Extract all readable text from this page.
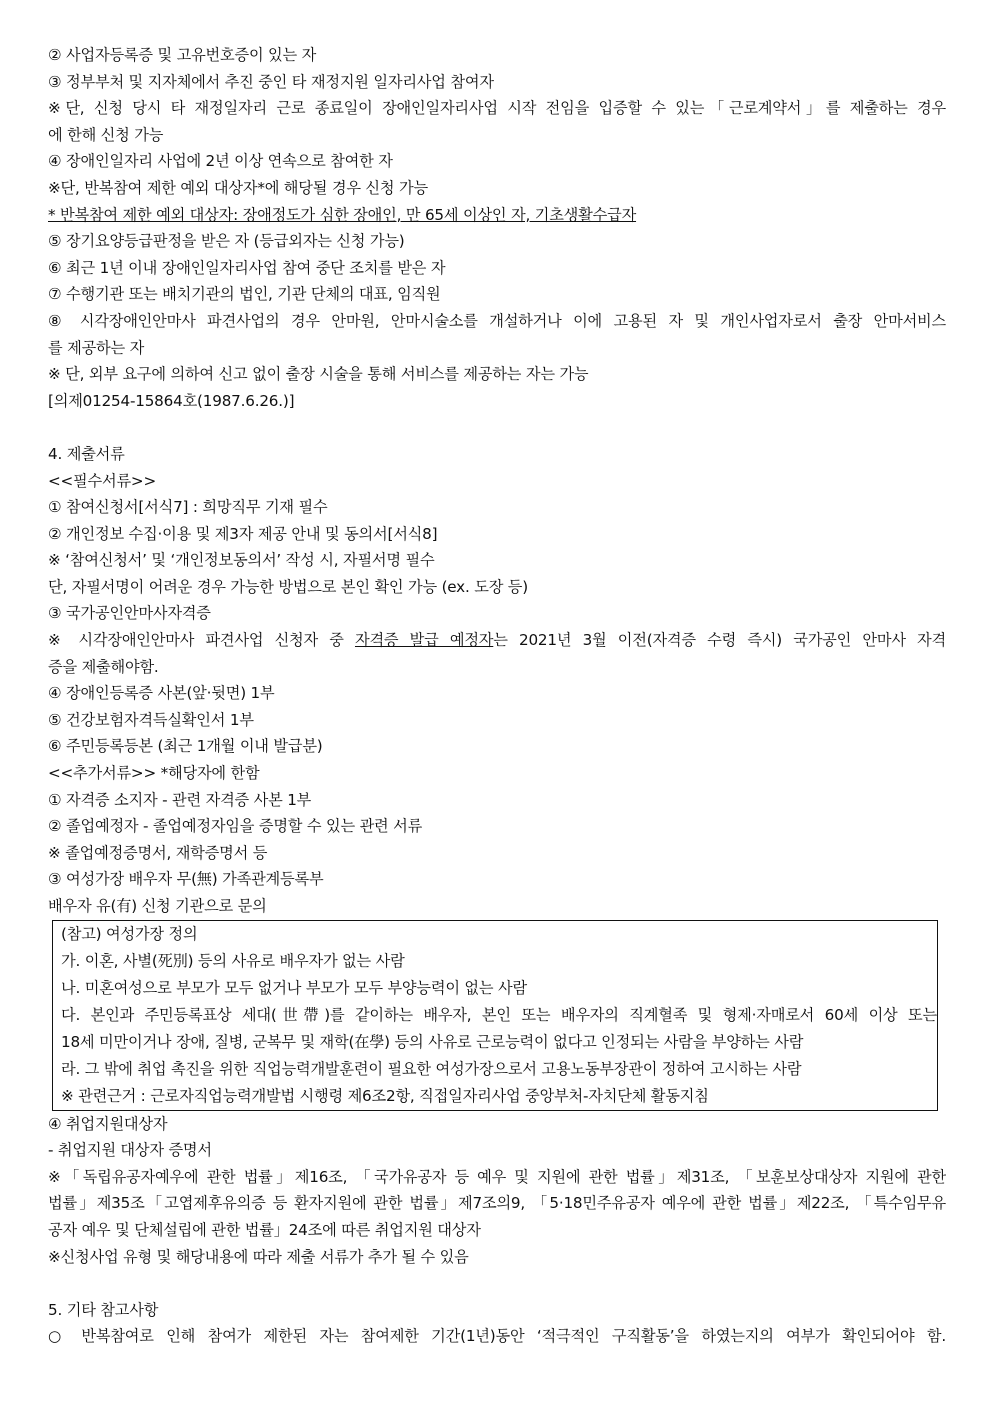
② 사업자등록증 및 고유번호증이 있는 자
③ 정부부처 및 지자체에서 추진 중인 타 재정지원 일자리사업 참여자
※단, 신청 당시 타 재정일자리 근로 종료일이 장애인일자리사업 시작 전임을 입증할 수 있는「근로계약서」를 제출하는 경우
에 한해 신청 가능
④ 장애인일자리 사업에 2년 이상 연속으로 참여한 자
※단, 반복참여 제한 예외 대상자*에 해당될 경우 신청 가능
* 반복참여 제한 예외 대상자: 장애정도가 심한 장애인, 만 65세 이상인 자, 기초생활수급자
⑤ 장기요양등급판정을 받은 자 (등급외자는 신청 가능)
⑥ 최근 1년 이내 장애인일자리사업 참여 중단 조치를 받은 자
⑦ 수행기관 또는 배치기관의 법인, 기관 단체의 대표, 임직원
⑧ 시각장애인안마사 파견사업의 경우 안마원, 안마시술소를 개설하거나 이에 고용된 자 및 개인사업자로서 출장 안마서비스
를 제공하는 자
※ 단, 외부 요구에 의하여 신고 없이 출장 시술을 통해 서비스를 제공하는 자는 가능
[의제01254-15864호(1987.6.26.)]
4. 제출서류
<<필수서류>>
① 참여신청서[서식7] : 희망직무 기재 필수
② 개인정보 수집·이용 및 제3자 제공 안내 및 동의서[서식8]
※ ‘참여신청서’ 및 ‘개인정보동의서’ 작성 시, 자필서명 필수
단, 자필서명이 어려운 경우 가능한 방법으로 본인 확인 가능 (ex. 도장 등)
③ 국가공인안마사자격증
※ 시각장애인안마사 파견사업 신청자 중 자격증 발급 예정자는 2021년 3월 이전(자격증 수령 즉시) 국가공인 안마사 자격
증을 제출해야함.
④ 장애인등록증 사본(앞·뒷면) 1부
⑤ 건강보험자격득실확인서 1부
⑥ 주민등록등본 (최근 1개월 이내 발급분)
<<추가서류>> *해당자에 한함
① 자격증 소지자 - 관련 자격증 사본 1부
② 졸업예정자 - 졸업예정자임을 증명할 수 있는 관련 서류
※ 졸업예정증명서, 재학증명서 등
③ 여성가장 배우자 무(無) 가족관계등록부
배우자 유(有) 신청 기관으로 문의
(참고) 여성가장 정의
가. 이혼, 사별(死別) 등의 사유로 배우자가 없는 사람
나. 미혼여성으로 부모가 모두 없거나 부모가 모두 부양능력이 없는 사람
다. 본인과 주민등록표상 세대(世帶)를 같이하는 배우자, 본인 또는 배우자의 직계혈족 및 형제·자매로서 60세 이상 또는
18세 미만이거나 장애, 질병, 군복무 및 재학(在學) 등의 사유로 근로능력이 없다고 인정되는 사람을 부양하는 사람
라. 그 밖에 취업 촉진을 위한 직업능력개발훈련이 필요한 여성가장으로서 고용노동부장관이 정하여 고시하는 사람
※ 관련근거 : 근로자직업능력개발법 시행령 제6조2항, 직접일자리사업 중앙부처-자치단체 활동지침
④ 취업지원대상자
- 취업지원 대상자 증명서
※「독립유공자예우에 관한 법률」제16조, 「국가유공자 등 예우 및 지원에 관한 법률」제31조, 「보훈보상대상자 지원에 관한
법률」제35조「고엽제후유의증 등 환자지원에 관한 법률」제7조의9, 「5·18민주유공자 예우에 관한 법률」제22조, 「특수임무유
공자 예우 및 단체설립에 관한 법률」24조에 따른 취업지원 대상자
※신청사업 유형 및 해당내용에 따라 제출 서류가 추가 될 수 있음
5. 기타 참고사항
○ 반복참여로 인해 참여가 제한된 자는 참여제한 기간(1년)동안 ‘적극적인 구직활동’을 하였는지의 여부가 확인되어야 함.
